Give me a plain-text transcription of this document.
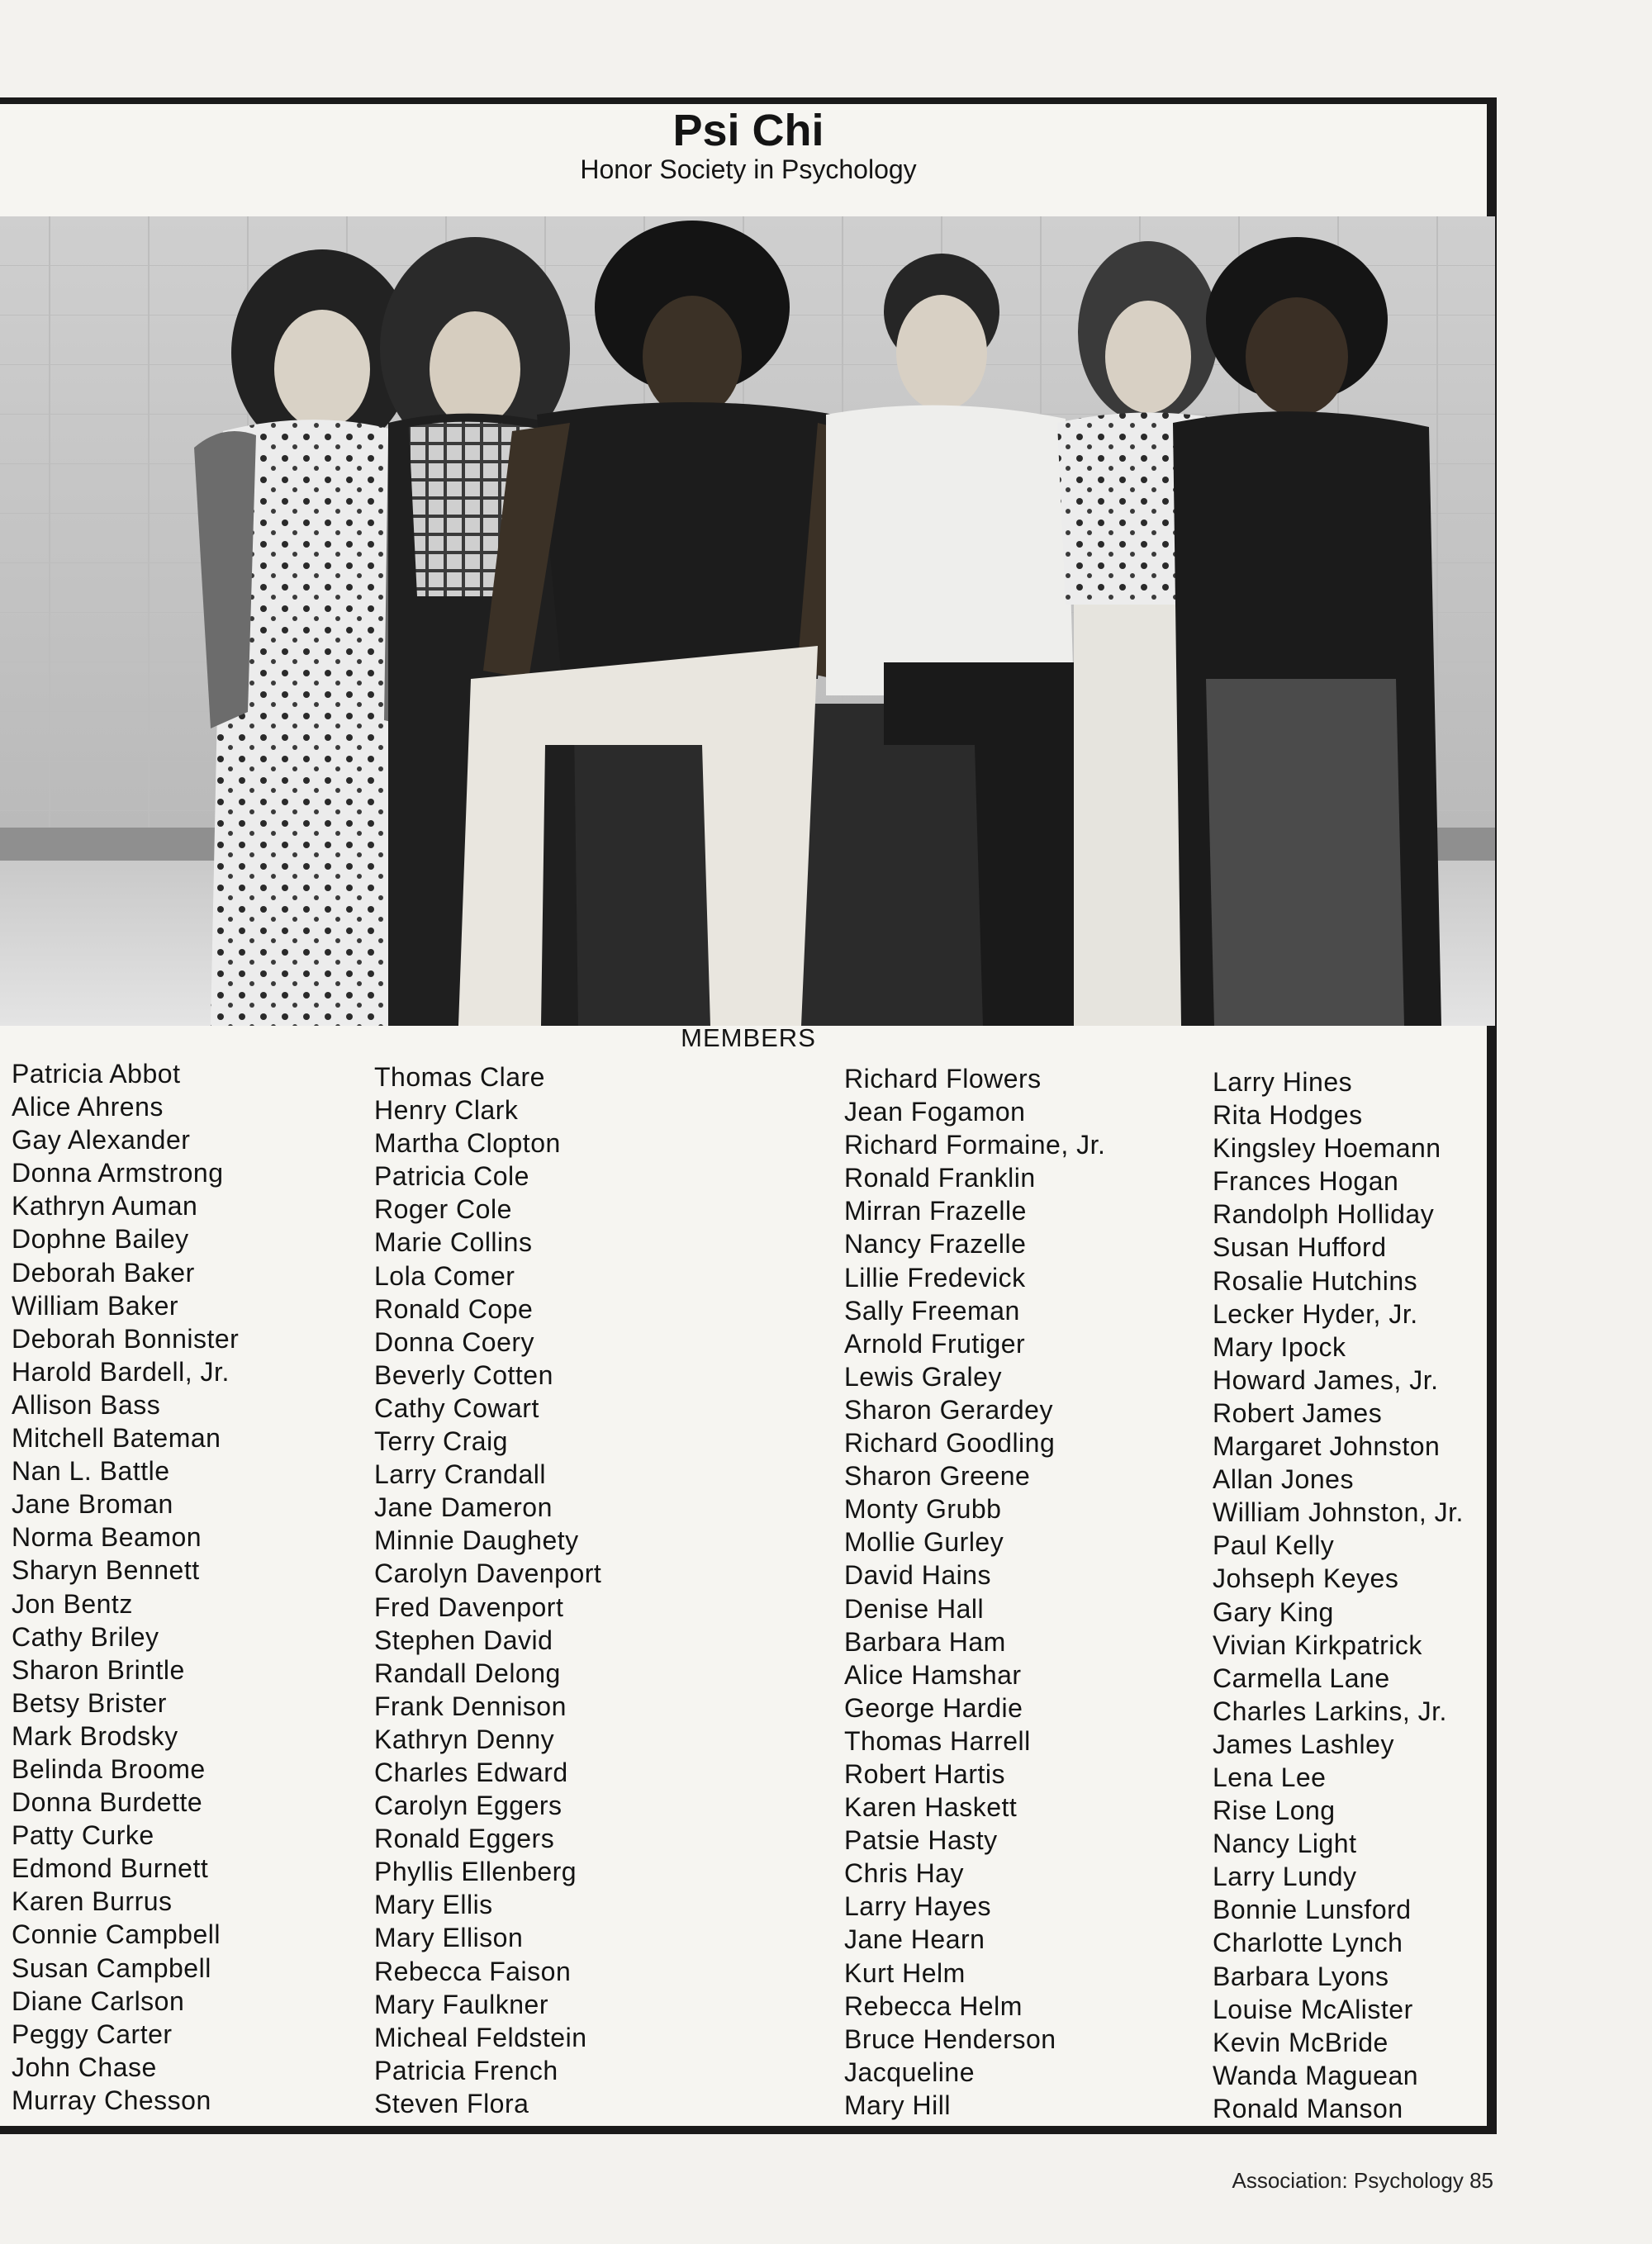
Psi Chi
Honor Society in Psychology
MEMBERS
Patricia Abbot
Alice Ahrens
Gay Alexander
Donna Armstrong
Kathryn Auman
Dophne Bailey
Deborah Baker
William Baker
Deborah Bonnister
Harold Bardell, Jr.
Allison Bass
Mitchell Bateman
Nan L. Battle
Jane Broman
Norma Beamon
Sharyn Bennett
Jon Bentz
Cathy Briley
Sharon Brintle
Betsy Brister
Mark Brodsky
Belinda Broome
Donna Burdette
Patty Curke
Edmond Burnett
Karen Burrus
Connie Campbell
Susan Campbell
Diane Carlson
Peggy Carter
John Chase
Murray Chesson
Thomas Clare
Henry Clark
Martha Clopton
Patricia Cole
Roger Cole
Marie Collins
Lola Comer
Ronald Cope
Donna Coery
Beverly Cotten
Cathy Cowart
Terry Craig
Larry Crandall
Jane Dameron
Minnie Daughety
Carolyn Davenport
Fred Davenport
Stephen David
Randall Delong
Frank Dennison
Kathryn Denny
Charles Edward
Carolyn Eggers
Ronald Eggers
Phyllis Ellenberg
Mary Ellis
Mary Ellison
Rebecca Faison
Mary Faulkner
Micheal Feldstein
Patricia French
Steven Flora
Richard Flowers
Jean Fogamon
Richard Formaine, Jr.
Ronald Franklin
Mirran Frazelle
Nancy Frazelle
Lillie Fredevick
Sally Freeman
Arnold Frutiger
Lewis Graley
Sharon Gerardey
Richard Goodling
Sharon Greene
Monty Grubb
Mollie Gurley
David Hains
Denise Hall
Barbara Ham
Alice Hamshar
George Hardie
Thomas Harrell
Robert Hartis
Karen Haskett
Patsie Hasty
Chris Hay
Larry Hayes
Jane Hearn
Kurt Helm
Rebecca Helm
Bruce Henderson
Jacqueline
Mary Hill
Larry Hines
Rita Hodges
Kingsley Hoemann
Frances Hogan
Randolph Holliday
Susan Hufford
Rosalie Hutchins
Lecker Hyder, Jr.
Mary Ipock
Howard James, Jr.
Robert James
Margaret Johnston
Allan Jones
William Johnston, Jr.
Paul Kelly
Johseph Keyes
Gary King
Vivian Kirkpatrick
Carmella Lane
Charles Larkins, Jr.
James Lashley
Lena Lee
Rise Long
Nancy Light
Larry Lundy
Bonnie Lunsford
Charlotte Lynch
Barbara Lyons
Louise McAlister
Kevin McBride
Wanda Maguean
Ronald Manson
Association: Psychology 85
